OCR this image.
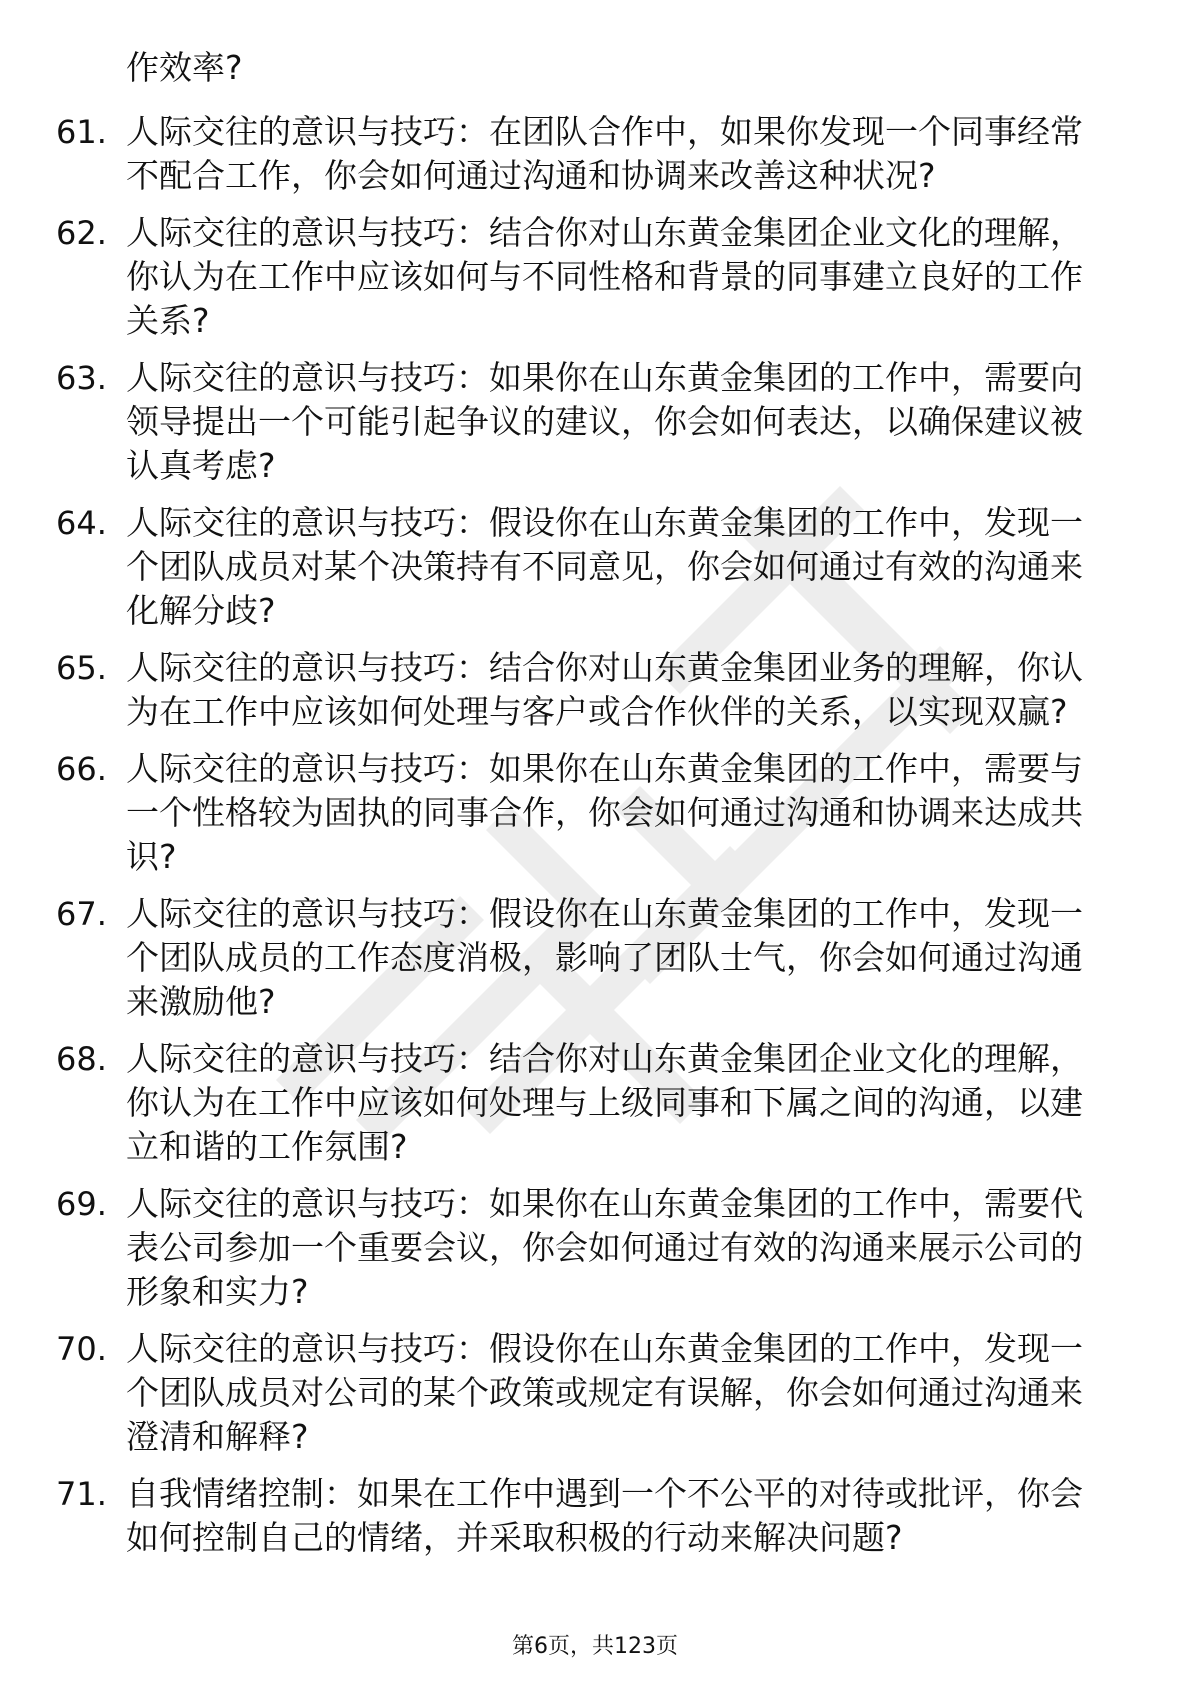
作效率?

61. 人际交往的意识与技巧：在团队合作中，如果你发现一个同事经常不配合工作，你会如何通过沟通和协调来改善这种状况?
62. 人际交往的意识与技巧：结合你对山东黄金集团企业文化的理解，你认为在工作中应该如何与不同性格和背景的同事建立良好的工作关系?
63. 人际交往的意识与技巧：如果你在山东黄金集团的工作中，需要向领导提出一个可能引起争议的建议，你会如何表达，以确保建议被认真考虑?
64. 人际交往的意识与技巧：假设你在山东黄金集团的工作中，发现一个团队成员对某个决策持有不同意见，你会如何通过有效的沟通来化解分歧?
65. 人际交往的意识与技巧：结合你对山东黄金集团业务的理解，你认为在工作中应该如何处理与客户或合作伙伴的关系，以实现双赢?
66. 人际交往的意识与技巧：如果你在山东黄金集团的工作中，需要与一个性格较为固执的同事合作，你会如何通过沟通和协调来达成共识?
67. 人际交往的意识与技巧：假设你在山东黄金集团的工作中，发现一个团队成员的工作态度消极，影响了团队士气，你会如何通过沟通来激励他?
68. 人际交往的意识与技巧：结合你对山东黄金集团企业文化的理解，你认为在工作中应该如何处理与上级同事和下属之间的沟通，以建立和谐的工作氛围?
69. 人际交往的意识与技巧：如果你在山东黄金集团的工作中，需要代表公司参加一个重要会议，你会如何通过有效的沟通来展示公司的形象和实力?
70. 人际交往的意识与技巧：假设你在山东黄金集团的工作中，发现一个团队成员对公司的某个政策或规定有误解，你会如何通过沟通来澄清和解释?
71. 自我情绪控制：如果在工作中遇到一个不公平的对待或批评，你会如何控制自己的情绪，并采取积极的行动来解决问题?
第6页，共123页
